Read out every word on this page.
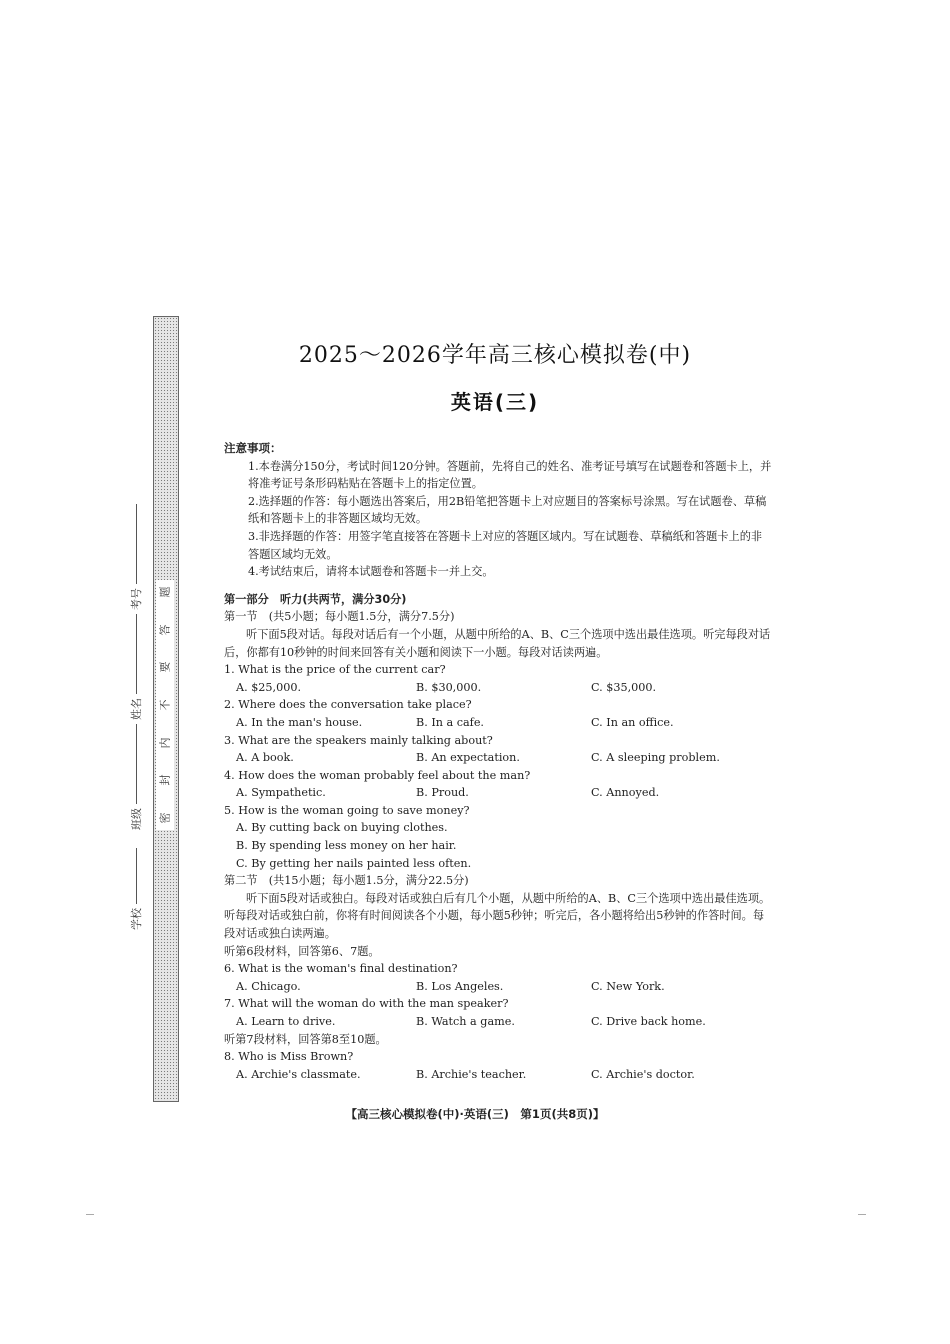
题
答
要
不
内
封
密
考号
姓名
班级
学校
2025～2026学年高三核心模拟卷(中)
英语(三)

注意事项：

1.本卷满分150分，考试时间120分钟。答题前，先将自己的姓名、准考证号填写在试题卷和答题卡上，并将准考证号条形码粘贴在答题卡上的指定位置。

2.选择题的作答：每小题选出答案后，用2B铅笔把答题卡上对应题目的答案标号涂黑。写在试题卷、草稿纸和答题卡上的非答题区域均无效。

3.非选择题的作答：用签字笔直接答在答题卡上对应的答题区域内。写在试题卷、草稿纸和答题卡上的非答题区域均无效。

4.考试结束后，请将本试题卷和答题卡一并上交。

第一部分　听力(共两节，满分30分)

第一节　(共5小题；每小题1.5分，满分7.5分)

听下面5段对话。每段对话后有一个小题，从题中所给的A、B、C三个选项中选出最佳选项。听完每段对话后，你都有10秒钟的时间来回答有关小题和阅读下一小题。每段对话读两遍。

1. What is the price of the current car?

A. $25,000.	B. $30,000.	C. $35,000.

2. Where does the conversation take place?

A. In the man's house.	B. In a cafe.	C. In an office.

3. What are the speakers mainly talking about?

A. A book.	B. An expectation.	C. A sleeping problem.

4. How does the woman probably feel about the man?

A. Sympathetic.	B. Proud.	C. Annoyed.

5. How is the woman going to save money?

A. By cutting back on buying clothes.

B. By spending less money on her hair.

C. By getting her nails painted less often.

第二节　(共15小题；每小题1.5分，满分22.5分)

听下面5段对话或独白。每段对话或独白后有几个小题，从题中所给的A、B、C三个选项中选出最佳选项。听每段对话或独白前，你将有时间阅读各个小题，每小题5秒钟；听完后，各小题将给出5秒钟的作答时间。每段对话或独白读两遍。

听第6段材料，回答第6、7题。

6. What is the woman's final destination?

A. Chicago.	B. Los Angeles.	C. New York.

7. What will the woman do with the man speaker?

A. Learn to drive.	B. Watch a game.	C. Drive back home.

听第7段材料，回答第8至10题。

8. Who is Miss Brown?

A. Archie's classmate.	B. Archie's teacher.	C. Archie's doctor.
【高三核心模拟卷(中)·英语(三)　第1页(共8页)】
